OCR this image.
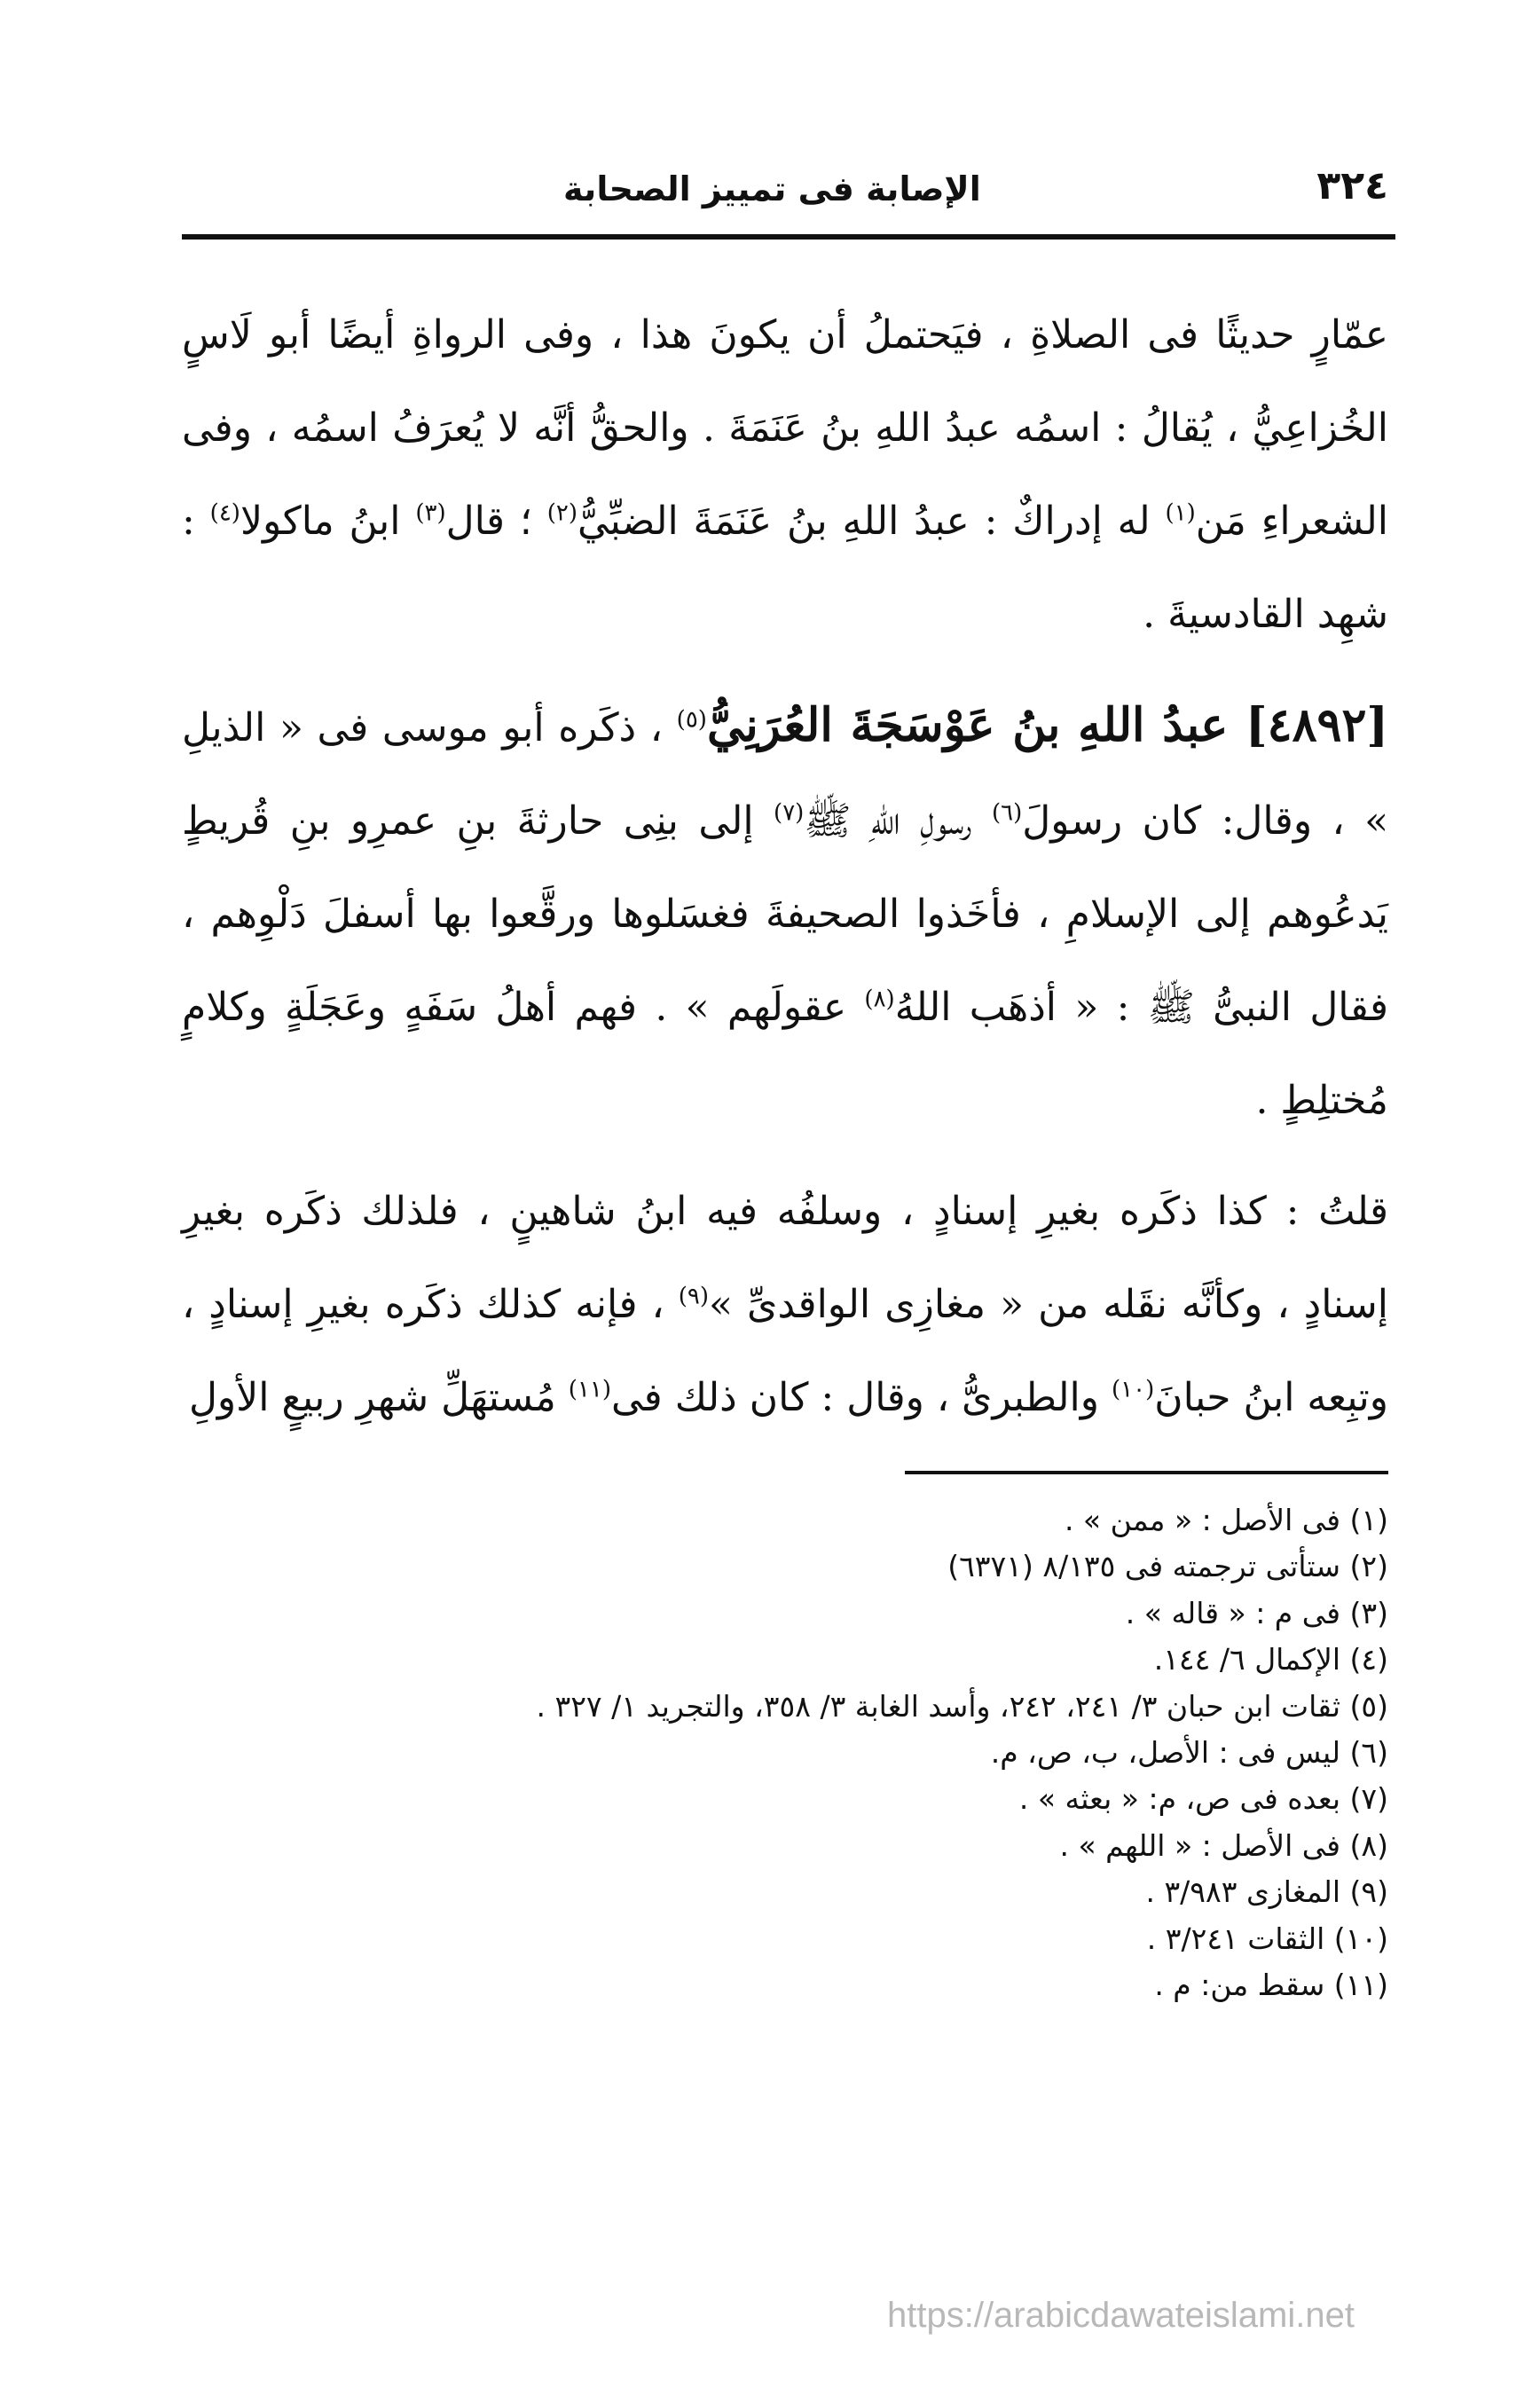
٣٢٤
الإصابة فى تمييز الصحابة

عمّارٍ حديثًا فى الصلاةِ ، فيَحتملُ أن يكونَ هذا ، وفى الرواةِ أيضًا أبو لَاسٍ الخُزاعِيُّ ، يُقالُ : اسمُه عبدُ اللهِ بنُ عَنَمَةَ . والحقُّ أنَّه لا يُعرَفُ اسمُه ، وفى الشعراءِ مَن$^{(١)}$ له إدراكٌ : عبدُ اللهِ بنُ عَنَمَةَ الضبِّيُّ$^{(٢)}$ ؛ قال$^{(٣)}$ ابنُ ماكولا$^{(٤)}$ : شهِد القادسيةَ .

[٤٨٩٢] عبدُ اللهِ بنُ عَوْسَجَةَ العُرَنِيُّ$^{(٥)}$ ، ذكَره أبو موسى فى « الذيلِ » ، وقال: كان رسولَ$^{(٦)}$ رسولِ اللهِ ﷺ$^{(٧)}$ إلى بنِى حارثةَ بنِ عمرِو بنِ قُريطٍ يَدعُوهم إلى الإسلامِ ، فأخَذوا الصحيفةَ فغسَلوها ورقَّعوا بها أسفلَ دَلْوِهم ، فقال النبىُّ ﷺ : « أذهَب اللهُ$^{(٨)}$ عقولَهم » . فهم أهلُ سَفَهٍ وعَجَلَةٍ وكلامٍ مُختلِطٍ .

قلتُ : كذا ذكَره بغيرِ إسنادٍ ، وسلفُه فيه ابنُ شاهينٍ ، فلذلك ذكَره بغيرِ إسنادٍ ، وكأنَّه نقَله من « مغازِى الواقدىِّ »$^{(٩)}$ ، فإنه كذلك ذكَره بغيرِ إسنادٍ ، وتبِعه ابنُ حبانَ$^{(١٠)}$ والطبرىُّ ، وقال : كان ذلك فى$^{(١١)}$ مُستهَلِّ شهرِ ربيعٍ الأولِ

(١) فى الأصل : « ممن » .
(٢) ستأتى ترجمته فى ٨/١٣٥ (٦٣٧١)
(٣) فى م : « قاله » .
(٤) الإكمال ٦/ ١٤٤.
(٥) ثقات ابن حبان ٣/ ٢٤١، ٢٤٢، وأسد الغابة ٣/ ٣٥٨، والتجريد ١/ ٣٢٧ .
(٦) ليس فى : الأصل، ب، ص، م.
(٧) بعده فى ص، م: « بعثه » .
(٨) فى الأصل : « اللهم » .
(٩) المغازى ٣/٩٨٣ .
(١٠) الثقات ٣/٢٤١ .
(١١) سقط من: م .
https://arabicdawateislami.net
